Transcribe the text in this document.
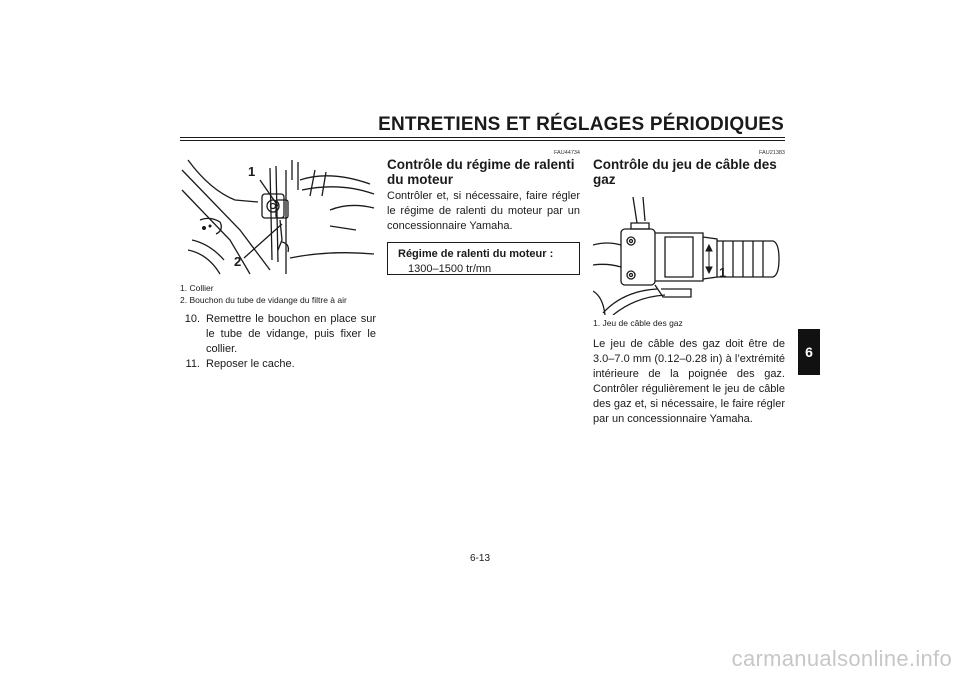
ENTRETIENS ET RÉGLAGES PÉRIODIQUES
6
1
2
1. Collier
2. Bouchon du tube de vidange du filtre à air
10. Remettre le bouchon en place sur le tube de vidange, puis fixer le collier.
11. Reposer le cache.
FAU44734
Contrôle du régime de ralenti du moteur

Contrôler et, si nécessaire, faire régler le régime de ralenti du moteur par un concessionnaire Yamaha.

Régime de ralenti du moteur :
1300–1500 tr/mn
FAU21383
Contrôle du jeu de câble des gaz
1
1. Jeu de câble des gaz

Le jeu de câble des gaz doit être de 3.0–7.0 mm (0.12–0.28 in) à l’extrémité intérieure de la poignée des gaz. Contrôler régulièrement le jeu de câble des gaz et, si nécessaire, le faire régler par un concessionnaire Yamaha.

6-13
carmanualsonline.info
